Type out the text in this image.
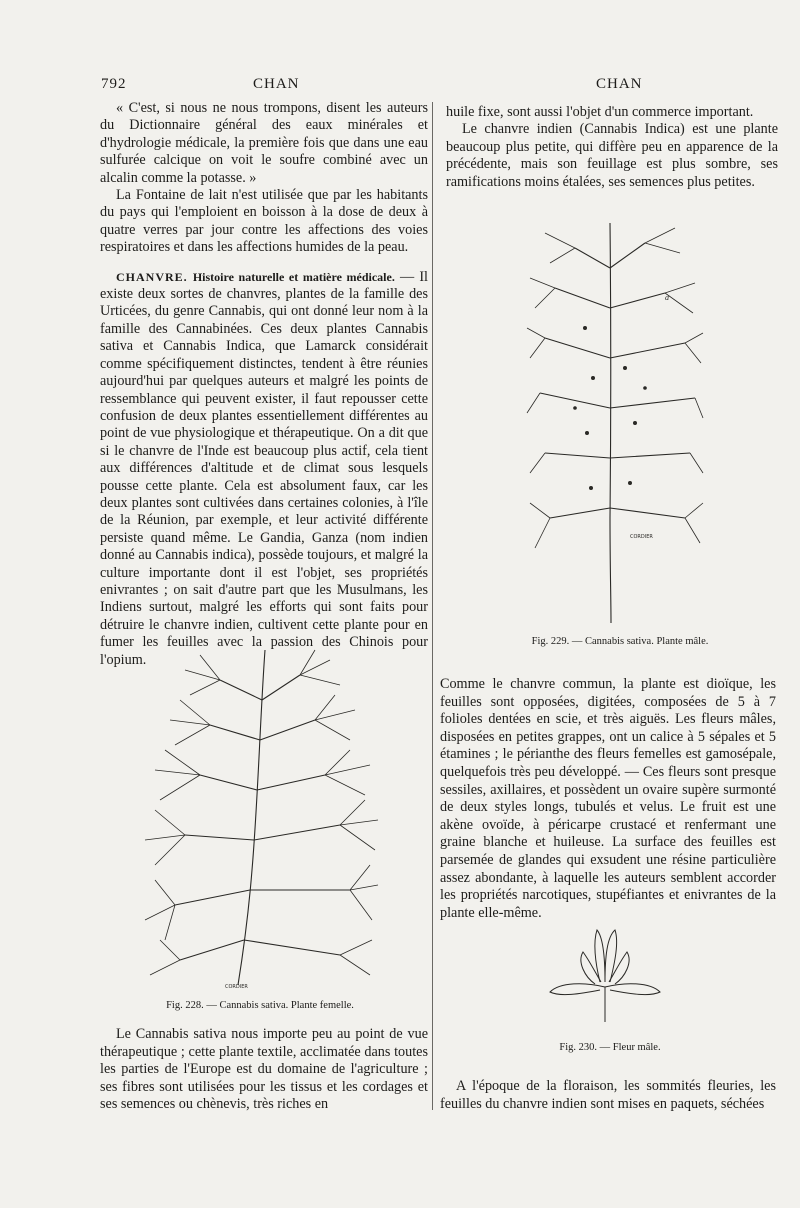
792	CHAN	CHAN

« C'est, si nous ne nous trompons, disent les auteurs du Dictionnaire général des eaux minérales et d'hydrologie médicale, la première fois que dans une eau sulfurée calcique on voit le soufre combiné avec un alcalin comme la potasse. »

La Fontaine de lait n'est utilisée que par les habitants du pays qui l'emploient en boisson à la dose de deux à quatre verres par jour contre les affections des voies respiratoires et dans les affections humides de la peau.

CHANVRE. Histoire naturelle et matière médicale. — Il existe deux sortes de chanvres, plantes de la famille des Urticées, du genre Cannabis, qui ont donné leur nom à la famille des Cannabinées. Ces deux plantes Cannabis sativa et Cannabis Indica, que Lamarck considérait comme spécifiquement distinctes, tendent à être réunies aujourd'hui par quelques auteurs et malgré les points de ressemblance qui peuvent exister, il faut repousser cette confusion de deux plantes essentiellement différentes au point de vue physiologique et thérapeutique. On a dit que si le chanvre de l'Inde est beaucoup plus actif, cela tient aux différences d'altitude et de climat sous lesquels pousse cette plante. Cela est absolument faux, car les deux plantes sont cultivées dans certaines colonies, à l'île de la Réunion, par exemple, et leur activité différente persiste quand même. Le Gandia, Ganza (nom indien donné au Cannabis indica), possède toujours, et malgré la culture importante dont il est l'objet, ses propriétés enivrantes ; on sait d'autre part que les Musulmans, les Indiens surtout, malgré les efforts qui sont faits pour détruire le chanvre indien, cultivent cette plante pour en fumer les feuilles avec la passion des Chinois pour l'opium.

CORDIER
Fig. 228. — Cannabis sativa. Plante femelle.

Le Cannabis sativa nous importe peu au point de vue thérapeutique ; cette plante textile, acclimatée dans toutes les parties de l'Europe est du domaine de l'agriculture ; ses fibres sont utilisées pour les tissus et les cordages et ses semences ou chènevis, très riches en

huile fixe, sont aussi l'objet d'un commerce important.

Le chanvre indien (Cannabis Indica) est une plante beaucoup plus petite, qui diffère peu en apparence de la précédente, mais son feuillage est plus sombre, ses ramifications moins étalées, ses semences plus petites.

a
CORDIER
Fig. 229. — Cannabis sativa. Plante mâle.

Comme le chanvre commun, la plante est dioïque, les feuilles sont opposées, digitées, composées de 5 à 7 folioles dentées en scie, et très aiguës. Les fleurs mâles, disposées en petites grappes, ont un calice à 5 sépales et 5 étamines ; le périanthe des fleurs femelles est gamosépale, quelquefois très peu développé. — Ces fleurs sont presque sessiles, axillaires, et possèdent un ovaire supère surmonté de deux styles longs, tubulés et velus. Le fruit est une akène ovoïde, à péricarpe crustacé et renfermant une graine blanche et huileuse. La surface des feuilles est parsemée de glandes qui exsudent une résine particulière assez abondante, à laquelle les auteurs semblent accorder les propriétés narcotiques, stupéfiantes et enivrantes de la plante elle-même.

Fig. 230. — Fleur mâle.

A l'époque de la floraison, les sommités fleuries, les feuilles du chanvre indien sont mises en paquets, séchées
